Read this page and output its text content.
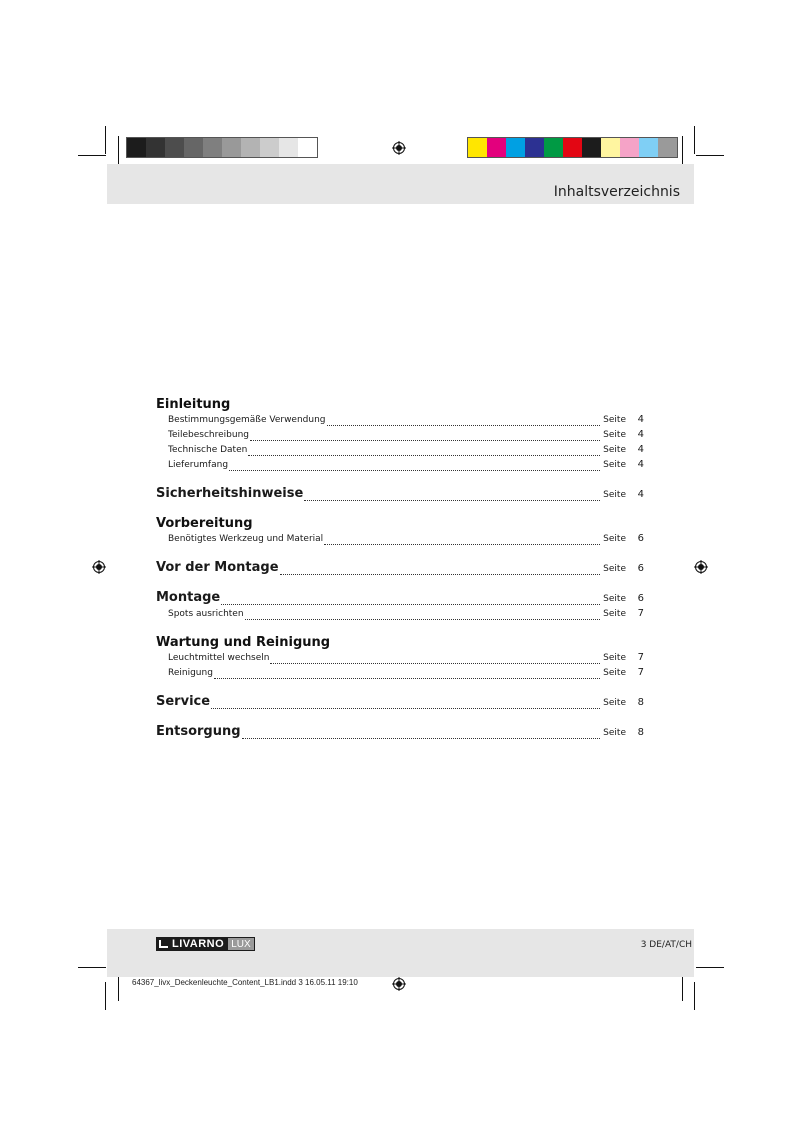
Inhaltsverzeichnis
Einleitung
Bestimmungsgemäße Verwendung	Seite	4
Teilebeschreibung	Seite	4
Technische Daten	Seite	4
Lieferumfang	Seite	4
Sicherheitshinweise	Seite	4
Vorbereitung
Benötigtes Werkzeug und Material	Seite	6
Vor der Montage	Seite	6
Montage	Seite	6
Spots ausrichten	Seite	7
Wartung und Reinigung
Leuchtmittel wechseln	Seite	7
Reinigung	Seite	7
Service	Seite	8
Entsorgung	Seite	8
LIVARNO LUX	3 DE/AT/CH
64367_livx_Deckenleuchte_Content_LB1.indd 3 16.05.11 19:10
